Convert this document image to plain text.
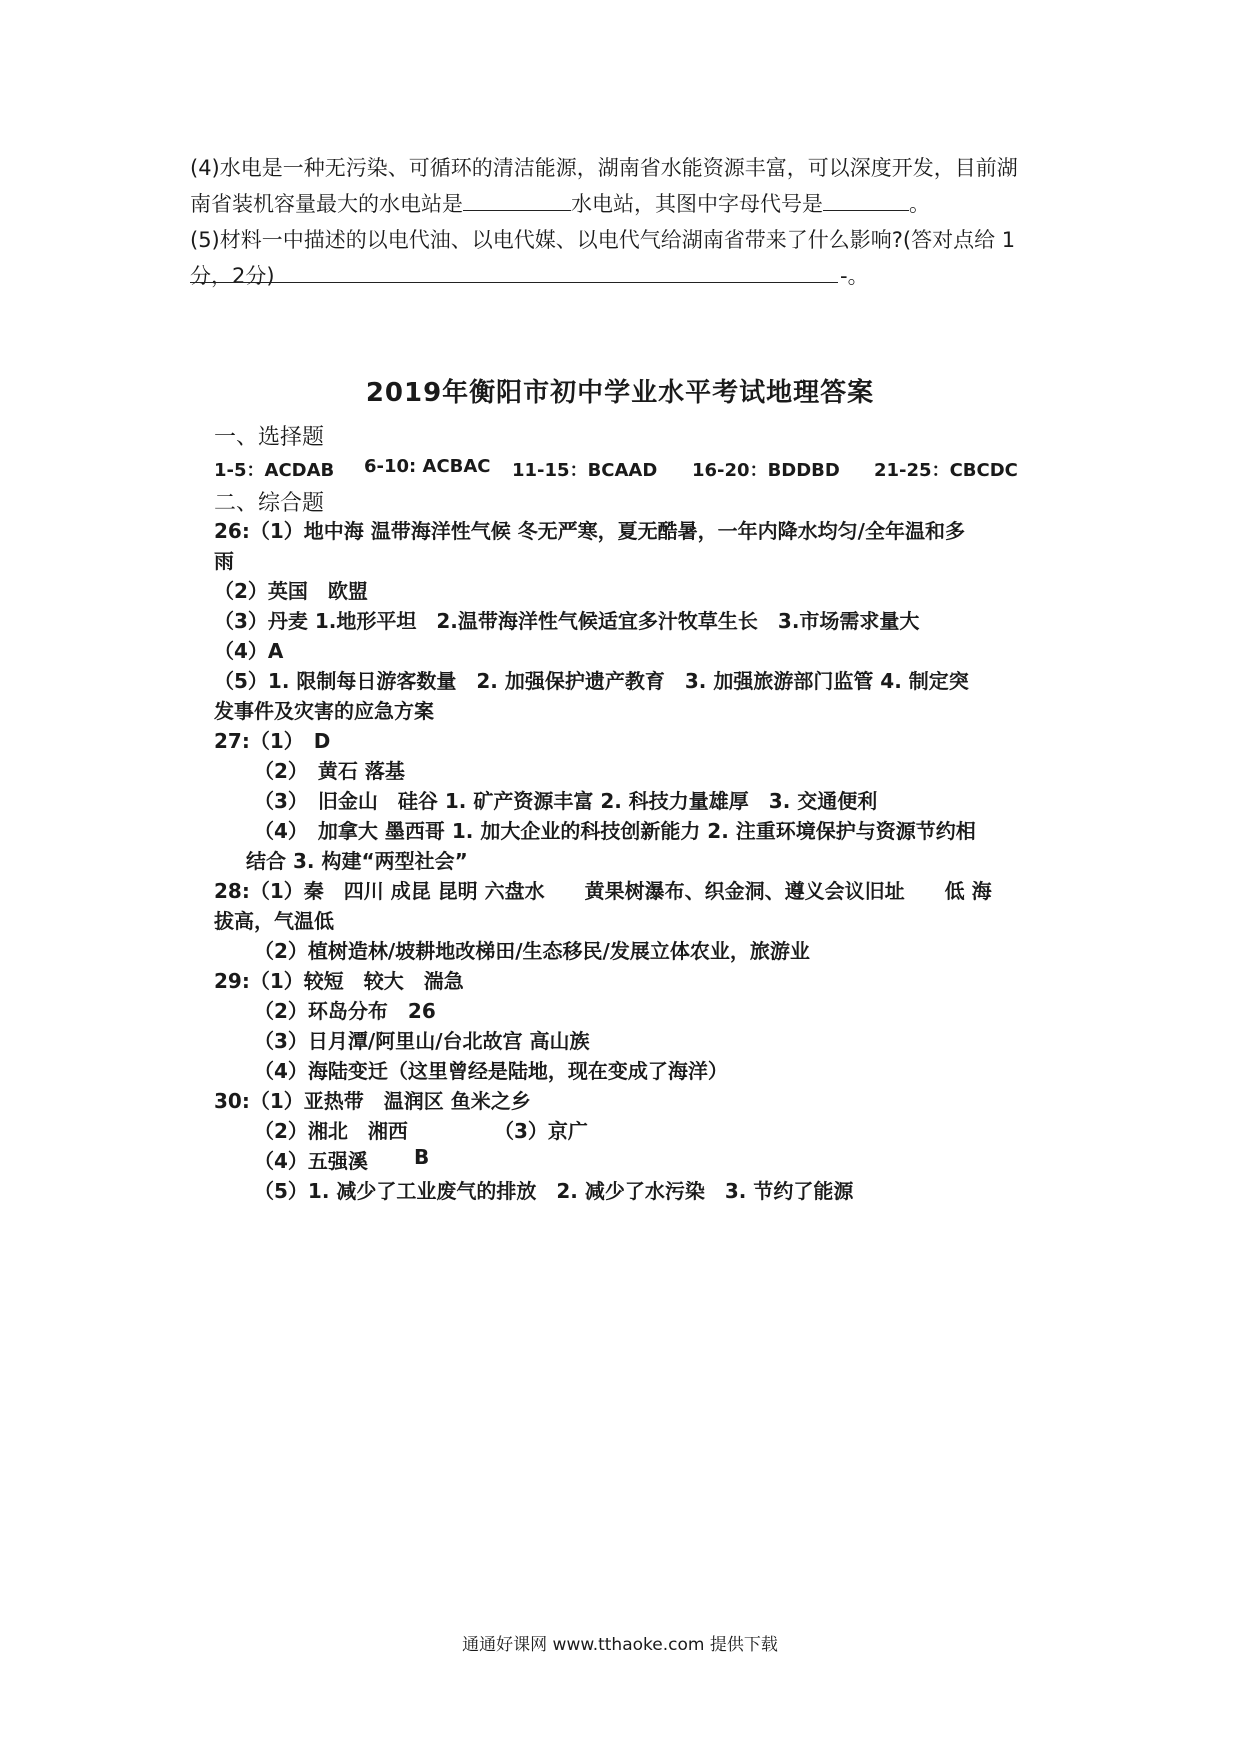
(4)水电是一种无污染、可循环的清洁能源，湖南省水能资源丰富，可以深度开发，目前湖

南省装机容量最大的水电站是	水电站，其图中字母代号是	。

(5)材料一中描述的以电代油、以电代媒、以电代气给湖南省带来了什么影响?(答对点给 1

分，2分)	-。
2019年衡阳市初中学业水平考试地理答案
一、选择题
1-5：ACDAB 6-10: ACBAC 11-15：BCAAD 16-20：BDDBD 21-25：CBCDC
二、综合题
26:（1）地中海 温带海洋性气候 冬无严寒，夏无酷暑，一年内降水均匀/全年温和多
雨
（2）英国　欧盟
（3）丹麦 1.地形平坦　2.温带海洋性气候适宜多汁牧草生长　3.市场需求量大
（4）A
（5）1. 限制每日游客数量　2. 加强保护遗产教育　3. 加强旅游部门监管 4. 制定突
发事件及灾害的应急方案
27:（1）　D
（2）　黄石 落基
（3）　旧金山　硅谷 1. 矿产资源丰富 2. 科技力量雄厚　3. 交通便利
（4）　加拿大 墨西哥 1. 加大企业的科技创新能力 2. 注重环境保护与资源节约相
结合 3. 构建“两型社会”
28:（1）秦　四川 成昆 昆明 六盘水　　黄果树瀑布、织金洞、遵义会议旧址　　低 海
拔高，气温低
（2）植树造林/坡耕地改梯田/生态移民/发展立体农业，旅游业
29:（1）较短　较大　湍急
（2）环岛分布　26
（3）日月潭/阿里山/台北故宫 高山族
（4）海陆变迁（这里曾经是陆地，现在变成了海洋）
30:（1）亚热带　温润区 鱼米之乡
（2）湘北　湘西	（3）京广
（4）五强溪 B
（5）1. 减少了工业废气的排放　2. 减少了水污染　3. 节约了能源
通通好课网 www.tthaoke.com 提供下载
